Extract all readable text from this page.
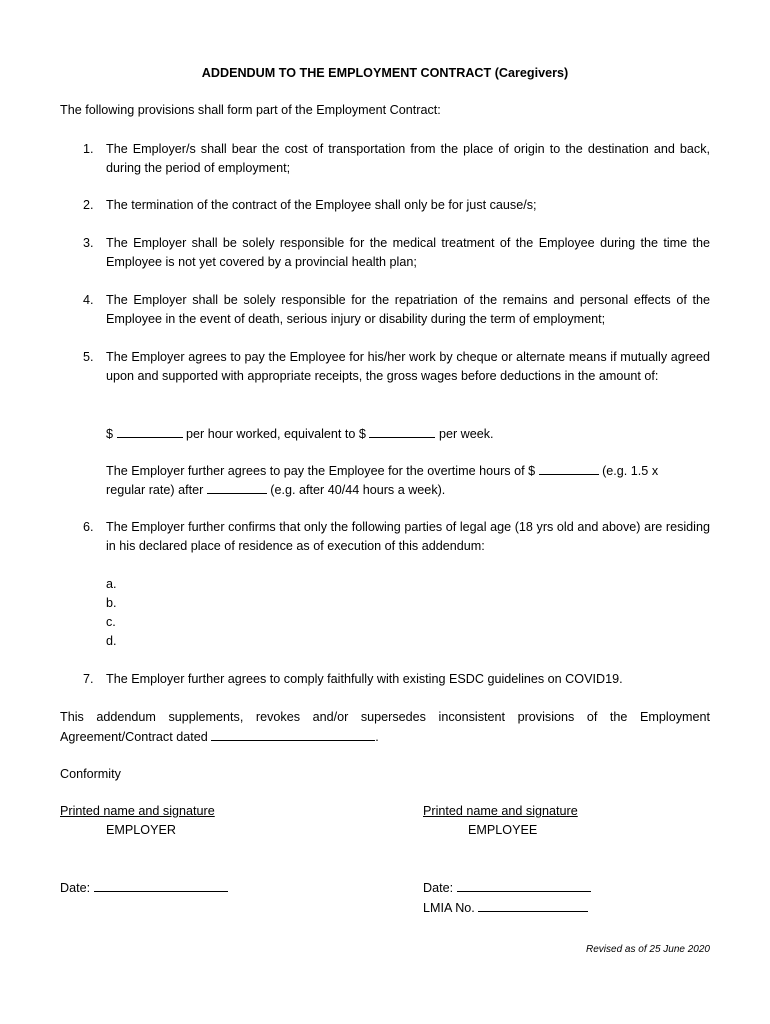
ADDENDUM TO THE EMPLOYMENT CONTRACT (Caregivers)
The following provisions shall form part of the Employment Contract:
1. The Employer/s shall bear the cost of transportation from the place of origin to the destination and back, during the period of employment;
2. The termination of the contract of the Employee shall only be for just cause/s;
3. The Employer shall be solely responsible for the medical treatment of the Employee during the time the Employee is not yet covered by a provincial health plan;
4. The Employer shall be solely responsible for the repatriation of the remains and personal effects of the Employee in the event of death, serious injury or disability during the term of employment;
5. The Employer agrees to pay the Employee for his/her work by cheque or alternate means if mutually agreed upon and supported with appropriate receipts, the gross wages before deductions in the amount of:
$	per hour worked, equivalent to $	per week.
The Employer further agrees to pay the Employee for the overtime hours of $	(e.g. 1.5 x
regular rate) after	(e.g. after 40/44 hours a week).
6. The Employer further confirms that only the following parties of legal age (18 yrs old and above) are residing in his declared place of residence as of execution of this addendum:
a.
b.
c.
d.
7. The Employer further agrees to comply faithfully with existing ESDC guidelines on COVID19.
This addendum supplements, revokes and/or supersedes inconsistent provisions of the Employment
Agreement/Contract dated	.
Conformity
Printed name and signature
EMPLOYER
Printed name and signature
EMPLOYEE
Date:	Date:
LMIA No.
Revised as of 25 June 2020
